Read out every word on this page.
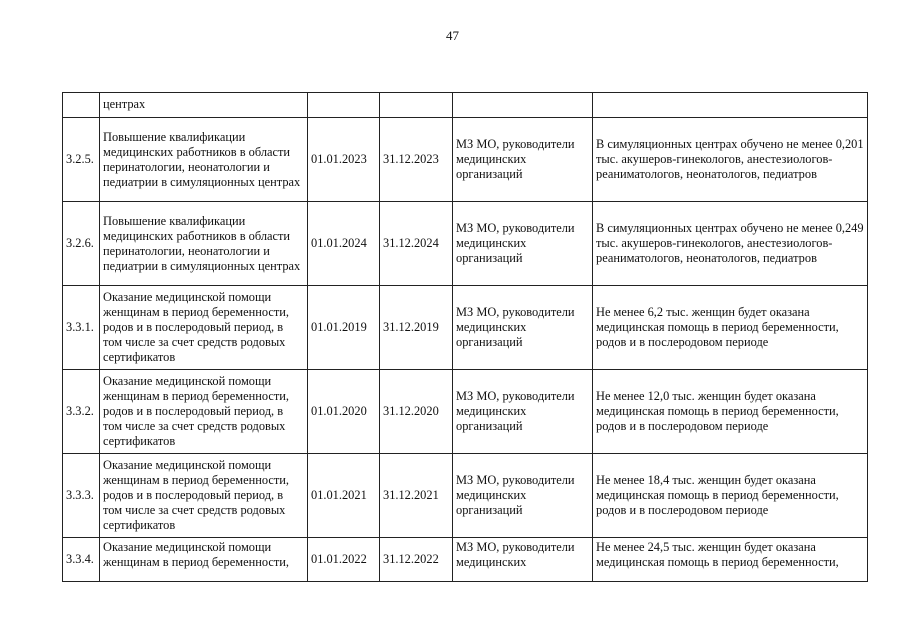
47
	центрах				
3.2.5.	Повышение квалификации медицинских работников в области перинатологии, неонатологии и педиатрии в симуляционных центрах	01.01.2023	31.12.2023	МЗ МО, руководители медицинских организаций	В симуляционных центрах обучено не менее 0,201 тыс. акушеров-гинекологов, анестезиологов-реаниматологов, неонатологов, педиатров
3.2.6.	Повышение квалификации медицинских работников в области перинатологии, неонатологии и педиатрии в симуляционных центрах	01.01.2024	31.12.2024	МЗ МО, руководители медицинских организаций	В симуляционных центрах обучено не менее 0,249 тыс. акушеров-гинекологов, анестезиологов-реаниматологов, неонатологов, педиатров
3.3.1.	Оказание медицинской помощи женщинам в период беременности, родов и в послеродовый период, в том числе за счет средств родовых сертификатов	01.01.2019	31.12.2019	МЗ МО, руководители медицинских организаций	Не менее 6,2 тыс. женщин будет оказана медицинская помощь в период беременности, родов и в послеродовом периоде
3.3.2.	Оказание медицинской помощи женщинам в период беременности, родов и в послеродовый период, в том числе за счет средств родовых сертификатов	01.01.2020	31.12.2020	МЗ МО, руководители медицинских организаций	Не менее 12,0 тыс. женщин будет оказана медицинская помощь в период беременности, родов и в послеродовом периоде
3.3.3.	Оказание медицинской помощи женщинам в период беременности, родов и в послеродовый период, в том числе за счет средств родовых сертификатов	01.01.2021	31.12.2021	МЗ МО, руководители медицинских организаций	Не менее 18,4 тыс. женщин будет оказана медицинская помощь в период беременности, родов и в послеродовом периоде
3.3.4.	Оказание медицинской помощи женщинам в период беременности,	01.01.2022	31.12.2022	МЗ МО, руководители медицинских	Не менее 24,5 тыс. женщин будет оказана медицинская помощь в период беременности,
